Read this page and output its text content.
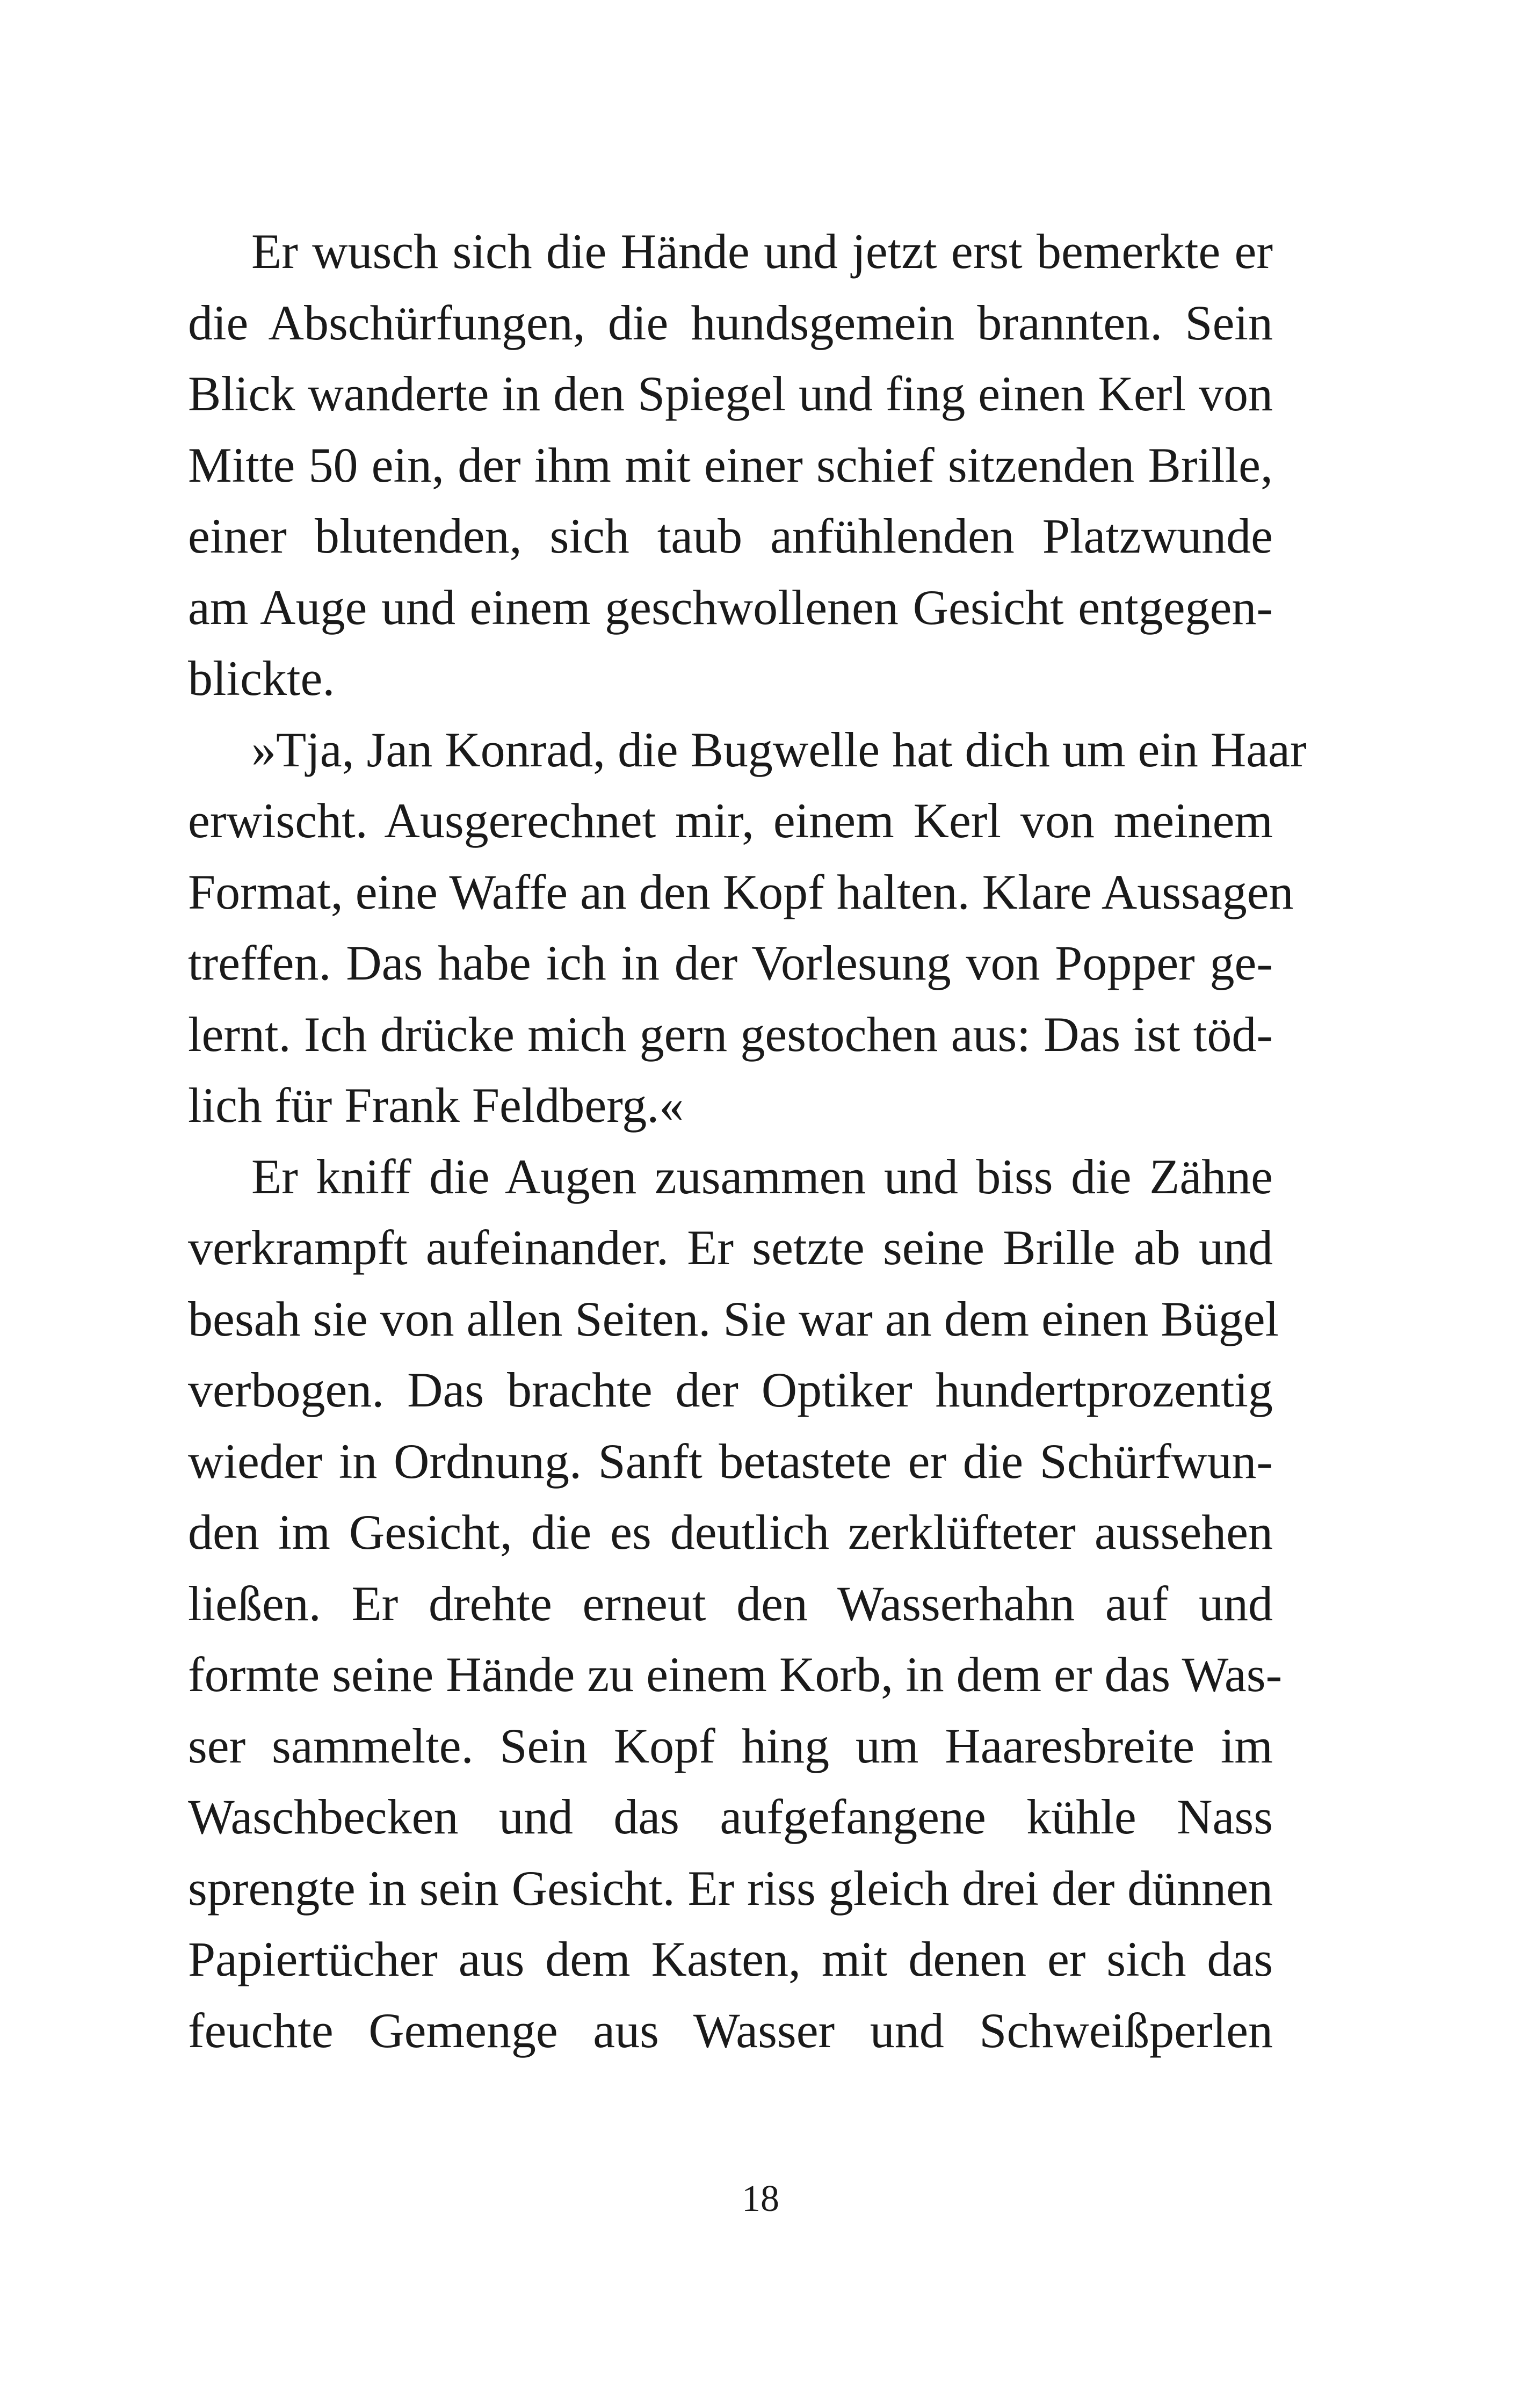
Er wusch sich die Hände und jetzt erst bemerkte er
die Abschürfungen, die hundsgemein brannten. Sein
Blick wanderte in den Spiegel und fing einen Kerl von
Mitte 50 ein, der ihm mit einer schief sitzenden Brille,
einer blutenden, sich taub anfühlenden Platzwunde
am Auge und einem geschwollenen Gesicht entgegen-
blickte.
»Tja, Jan Konrad, die Bugwelle hat dich um ein Haar
erwischt. Ausgerechnet mir, einem Kerl von meinem
Format, eine Waffe an den Kopf halten. Klare Aussagen
treffen. Das habe ich in der Vorlesung von Popper ge-
lernt. Ich drücke mich gern gestochen aus: Das ist töd-
lich für Frank Feldberg.«
Er kniff die Augen zusammen und biss die Zähne
verkrampft aufeinander. Er setzte seine Brille ab und
besah sie von allen Seiten. Sie war an dem einen Bügel
verbogen. Das brachte der Optiker hundertprozentig
wieder in Ordnung. Sanft betastete er die Schürfwun-
den im Gesicht, die es deutlich zerklüfteter aussehen
ließen. Er drehte erneut den Wasserhahn auf und
formte seine Hände zu einem Korb, in dem er das Was-
ser sammelte. Sein Kopf hing um Haaresbreite im
Waschbecken und das aufgefangene kühle Nass
sprengte in sein Gesicht. Er riss gleich drei der dünnen
Papiertücher aus dem Kasten, mit denen er sich das
feuchte Gemenge aus Wasser und Schweißperlen
18
